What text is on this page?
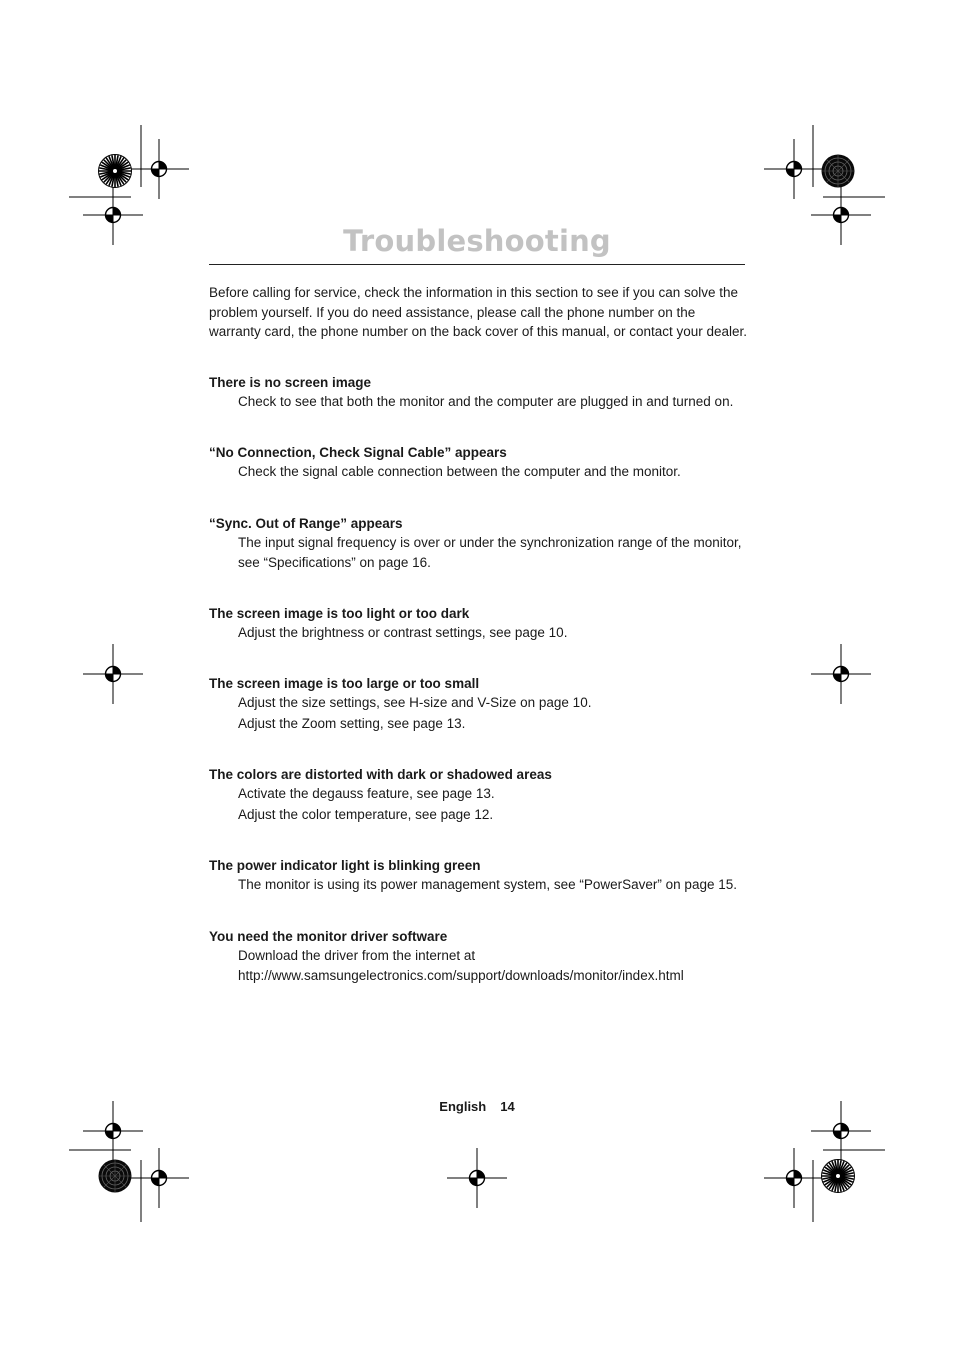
Troubleshooting
Before calling for service, check the information in this section to see if you can solve the problem yourself. If you do need assistance, please call the phone number on the warranty card, the phone number on the back cover of this manual, or contact your dealer.
There is no screen image
Check to see that both the monitor and the computer are plugged in and turned on.
“No Connection, Check Signal Cable” appears
Check the signal cable connection between the computer and the monitor.
“Sync. Out of Range” appears
The input signal frequency is over or under the synchronization range of the monitor, see “Specifications” on page 16.
The screen image is too light or too dark
Adjust the brightness or contrast settings, see page 10.
The screen image is too large or too small
Adjust the size settings, see H-size and V-Size on page 10.
Adjust the Zoom setting, see page 13.
The colors are distorted with dark or shadowed areas
Activate the degauss feature, see page 13.
Adjust the color temperature, see page 12.
The power indicator light is blinking green
The monitor is using its power management system, see “PowerSaver” on page 15.
You need the monitor driver software
Download the driver from the internet at
http://www.samsungelectronics.com/support/downloads/monitor/index.html
English 14
